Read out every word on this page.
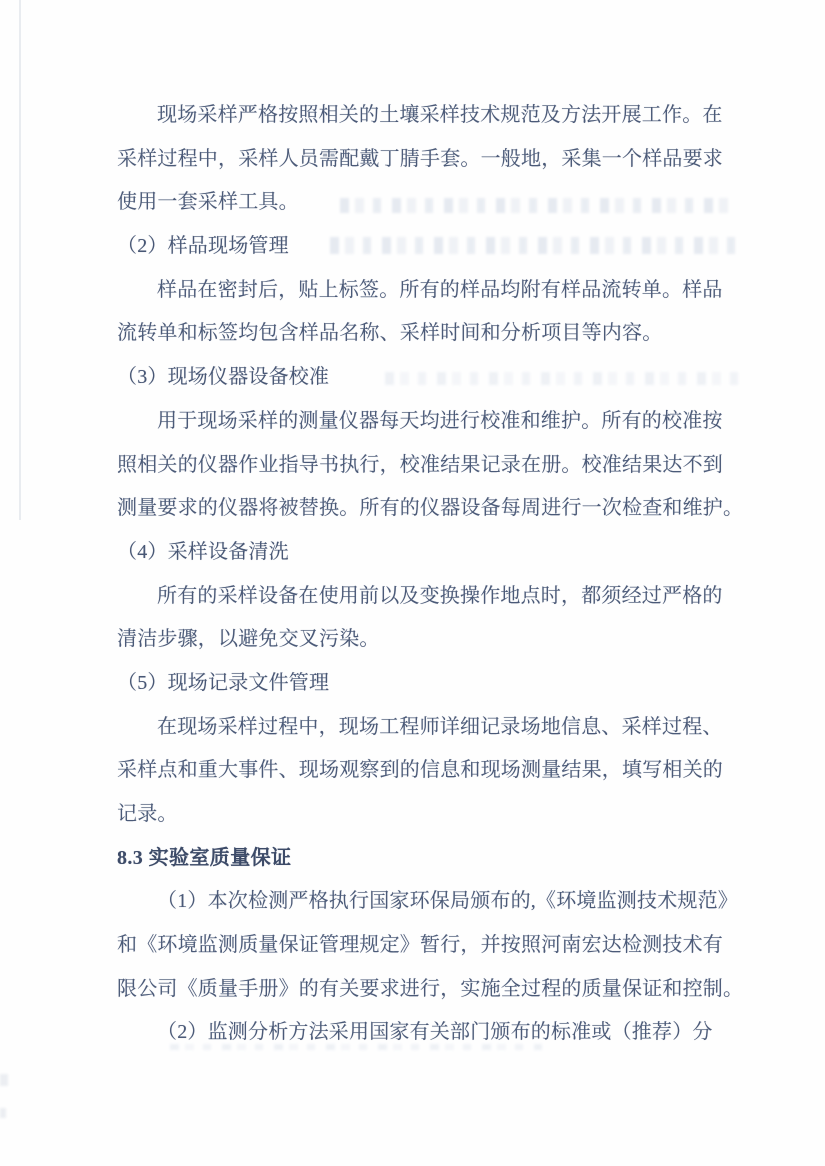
现场采样严格按照相关的土壤采样技术规范及方法开展工作。在
采样过程中，采样人员需配戴丁腈手套。一般地，采集一个样品要求
使用一套采样工具。
（2）样品现场管理
样品在密封后，贴上标签。所有的样品均附有样品流转单。样品
流转单和标签均包含样品名称、采样时间和分析项目等内容。
（3）现场仪器设备校准
用于现场采样的测量仪器每天均进行校准和维护。所有的校准按
照相关的仪器作业指导书执行，校准结果记录在册。校准结果达不到
测量要求的仪器将被替换。所有的仪器设备每周进行一次检查和维护。
（4）采样设备清洗
所有的采样设备在使用前以及变换操作地点时，都须经过严格的
清洁步骤，以避免交叉污染。
（5）现场记录文件管理
在现场采样过程中，现场工程师详细记录场地信息、采样过程、
采样点和重大事件、现场观察到的信息和现场测量结果，填写相关的
记录。
8.3 实验室质量保证
（1）本次检测严格执行国家环保局颁布的,《环境监测技术规范》
和《环境监测质量保证管理规定》暂行，并按照河南宏达检测技术有
限公司《质量手册》的有关要求进行，实施全过程的质量保证和控制。
（2）监测分析方法采用国家有关部门颁布的标准或（推荐）分
